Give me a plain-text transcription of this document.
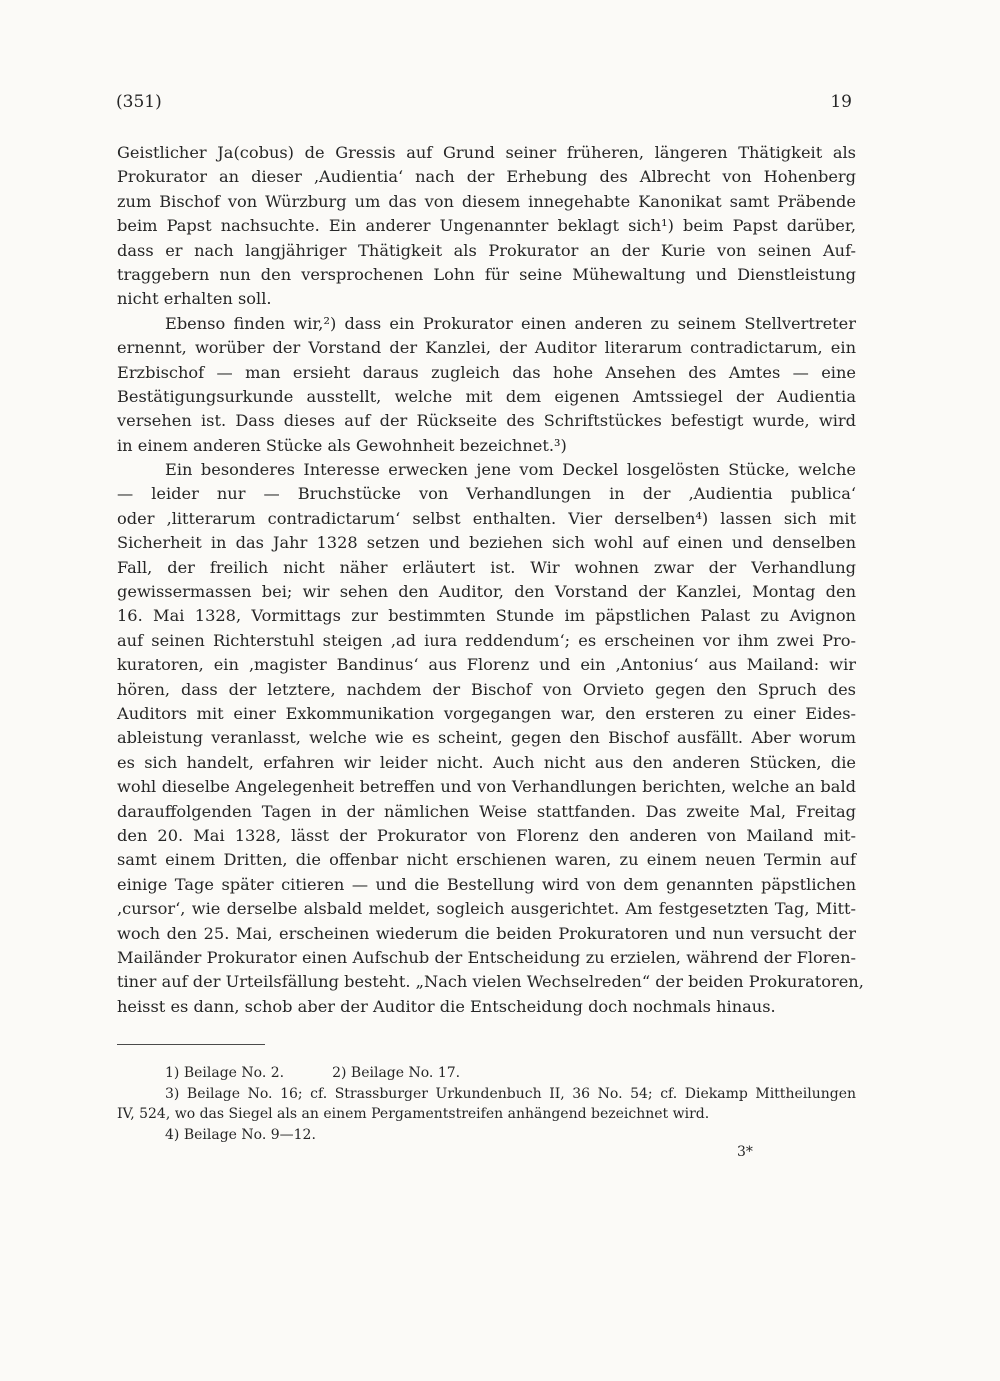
(351)	19
Geistlicher Ja(cobus) de Gressis auf Grund seiner früheren, längeren Thätigkeit als
Prokurator an dieser ‚Audientia‘ nach der Erhebung des Albrecht von Hohenberg
zum Bischof von Würzburg um das von diesem innegehabte Kanonikat samt Präbende
beim Papst nachsuchte. Ein anderer Ungenannter beklagt sich¹) beim Papst darüber,
dass er nach langjähriger Thätigkeit als Prokurator an der Kurie von seinen Auf-
traggebern nun den versprochenen Lohn für seine Mühewaltung und Dienstleistung
nicht erhalten soll.
Ebenso finden wir,²) dass ein Prokurator einen anderen zu seinem Stellvertreter
ernennt, worüber der Vorstand der Kanzlei, der Auditor literarum contradictarum, ein
Erzbischof — man ersieht daraus zugleich das hohe Ansehen des Amtes — eine
Bestätigungsurkunde ausstellt, welche mit dem eigenen Amtssiegel der Audientia
versehen ist. Dass dieses auf der Rückseite des Schriftstückes befestigt wurde, wird
in einem anderen Stücke als Gewohnheit bezeichnet.³)
Ein besonderes Interesse erwecken jene vom Deckel losgelösten Stücke, welche
— leider nur — Bruchstücke von Verhandlungen in der ‚Audientia publica‘
oder ‚litterarum contradictarum‘ selbst enthalten. Vier derselben⁴) lassen sich mit
Sicherheit in das Jahr 1328 setzen und beziehen sich wohl auf einen und denselben
Fall, der freilich nicht näher erläutert ist. Wir wohnen zwar der Verhandlung
gewissermassen bei; wir sehen den Auditor, den Vorstand der Kanzlei, Montag den
16. Mai 1328, Vormittags zur bestimmten Stunde im päpstlichen Palast zu Avignon
auf seinen Richterstuhl steigen ‚ad iura reddendum‘; es erscheinen vor ihm zwei Pro-
kuratoren, ein ‚magister Bandinus‘ aus Florenz und ein ‚Antonius‘ aus Mailand: wir
hören, dass der letztere, nachdem der Bischof von Orvieto gegen den Spruch des
Auditors mit einer Exkommunikation vorgegangen war, den ersteren zu einer Eides-
ableistung veranlasst, welche wie es scheint, gegen den Bischof ausfällt. Aber worum
es sich handelt, erfahren wir leider nicht. Auch nicht aus den anderen Stücken, die
wohl dieselbe Angelegenheit betreffen und von Verhandlungen berichten, welche an bald
darauffolgenden Tagen in der nämlichen Weise stattfanden. Das zweite Mal, Freitag
den 20. Mai 1328, lässt der Prokurator von Florenz den anderen von Mailand mit-
samt einem Dritten, die offenbar nicht erschienen waren, zu einem neuen Termin auf
einige Tage später citieren — und die Bestellung wird von dem genannten päpstlichen
‚cursor‘, wie derselbe alsbald meldet, sogleich ausgerichtet. Am festgesetzten Tag, Mitt-
woch den 25. Mai, erscheinen wiederum die beiden Prokuratoren und nun versucht der
Mailänder Prokurator einen Aufschub der Entscheidung zu erzielen, während der Floren-
tiner auf der Urteilsfällung besteht. „Nach vielen Wechselreden“ der beiden Prokuratoren,
heisst es dann, schob aber der Auditor die Entscheidung doch nochmals hinaus.
1) Beilage No. 2.	2) Beilage No. 17.
3) Beilage No. 16; cf. Strassburger Urkundenbuch II, 36 No. 54; cf. Diekamp Mittheilungen
IV, 524, wo das Siegel als an einem Pergamentstreifen anhängend bezeichnet wird.
4) Beilage No. 9—12.
3*
